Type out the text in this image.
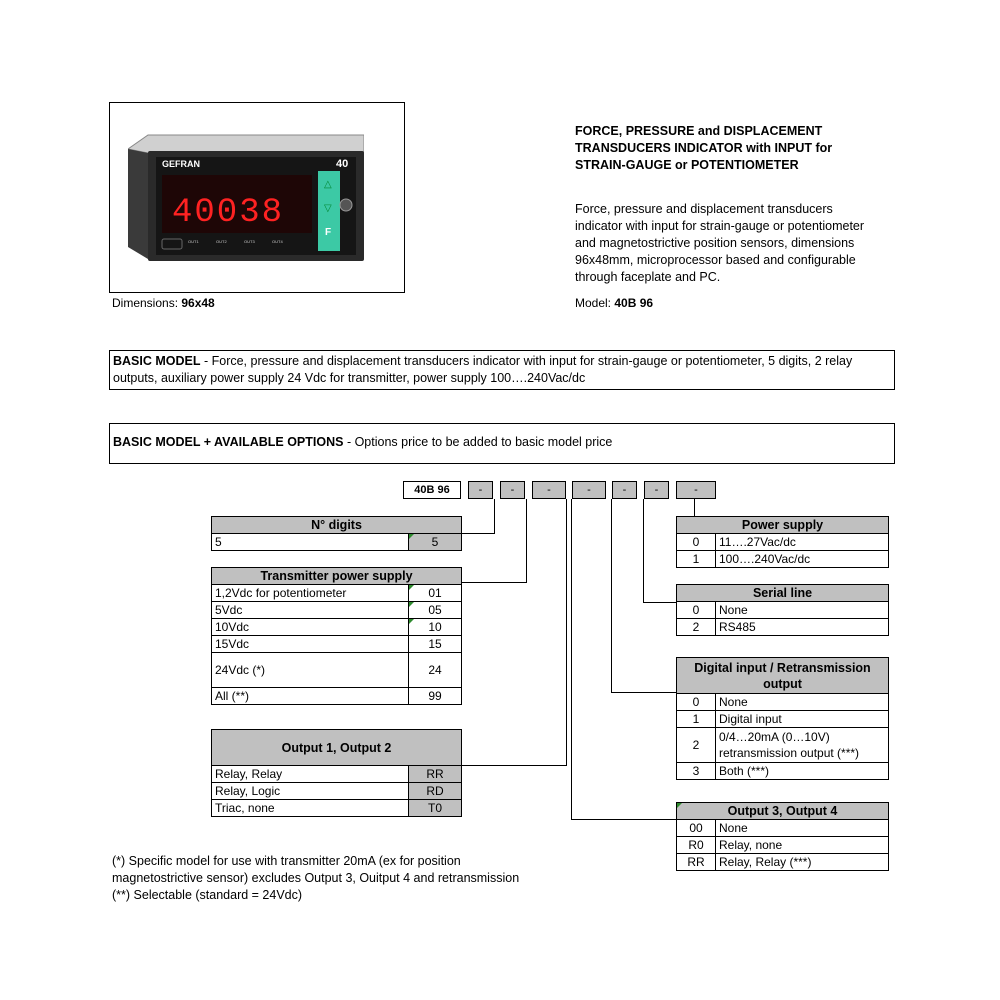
GEFRAN	40
40038
△
▽
F
OUT1	OUT2	OUT3	OUT4
Dimensions: 96x48
FORCE, PRESSURE and DISPLACEMENT
TRANSDUCERS INDICATOR with INPUT for
STRAIN-GAUGE or POTENTIOMETER
Force, pressure and displacement transducers
indicator with input for strain-gauge or potentiometer
and magnetostrictive position sensors, dimensions
96x48mm, microprocessor based and configurable
through faceplate and PC.
Model: 40B 96
BASIC MODEL - Force, pressure and displacement transducers indicator with input for strain-gauge or potentiometer, 5 digits, 2 relay
outputs, auxiliary power supply 24 Vdc for transmitter, power supply 100….240Vac/dc
BASIC MODEL + AVAILABLE OPTIONS - Options price to be added to basic model price
40B 96	-	-	-	-	-	-	-
N° digits
5	5
Transmitter power supply	
1,2Vdc for potentiometer	01
5Vdc	05
10Vdc	10
15Vdc	15
24Vdc (*)	24
All (**)	99
Output 1, Output 2	
Relay, Relay	RR
Relay, Logic	RD
Triac, none	T0
Power supply	
0	11….27Vac/dc
1	100….240Vac/dc
Serial line	
0	None
2	RS485
Digital input / Retransmission
output	

0	None
1	Digital input
2	0/4…20mA (0…10V)
retransmission output (***)

3	Both (***)
Output 3, Output 4	
00	None
R0	Relay, none
RR	Relay, Relay (***)
(*) Specific model for use with transmitter 20mA (ex for position
magnetostrictive sensor) excludes Output 3, Ouitput 4 and retransmission
(**) Selectable (standard = 24Vdc)
